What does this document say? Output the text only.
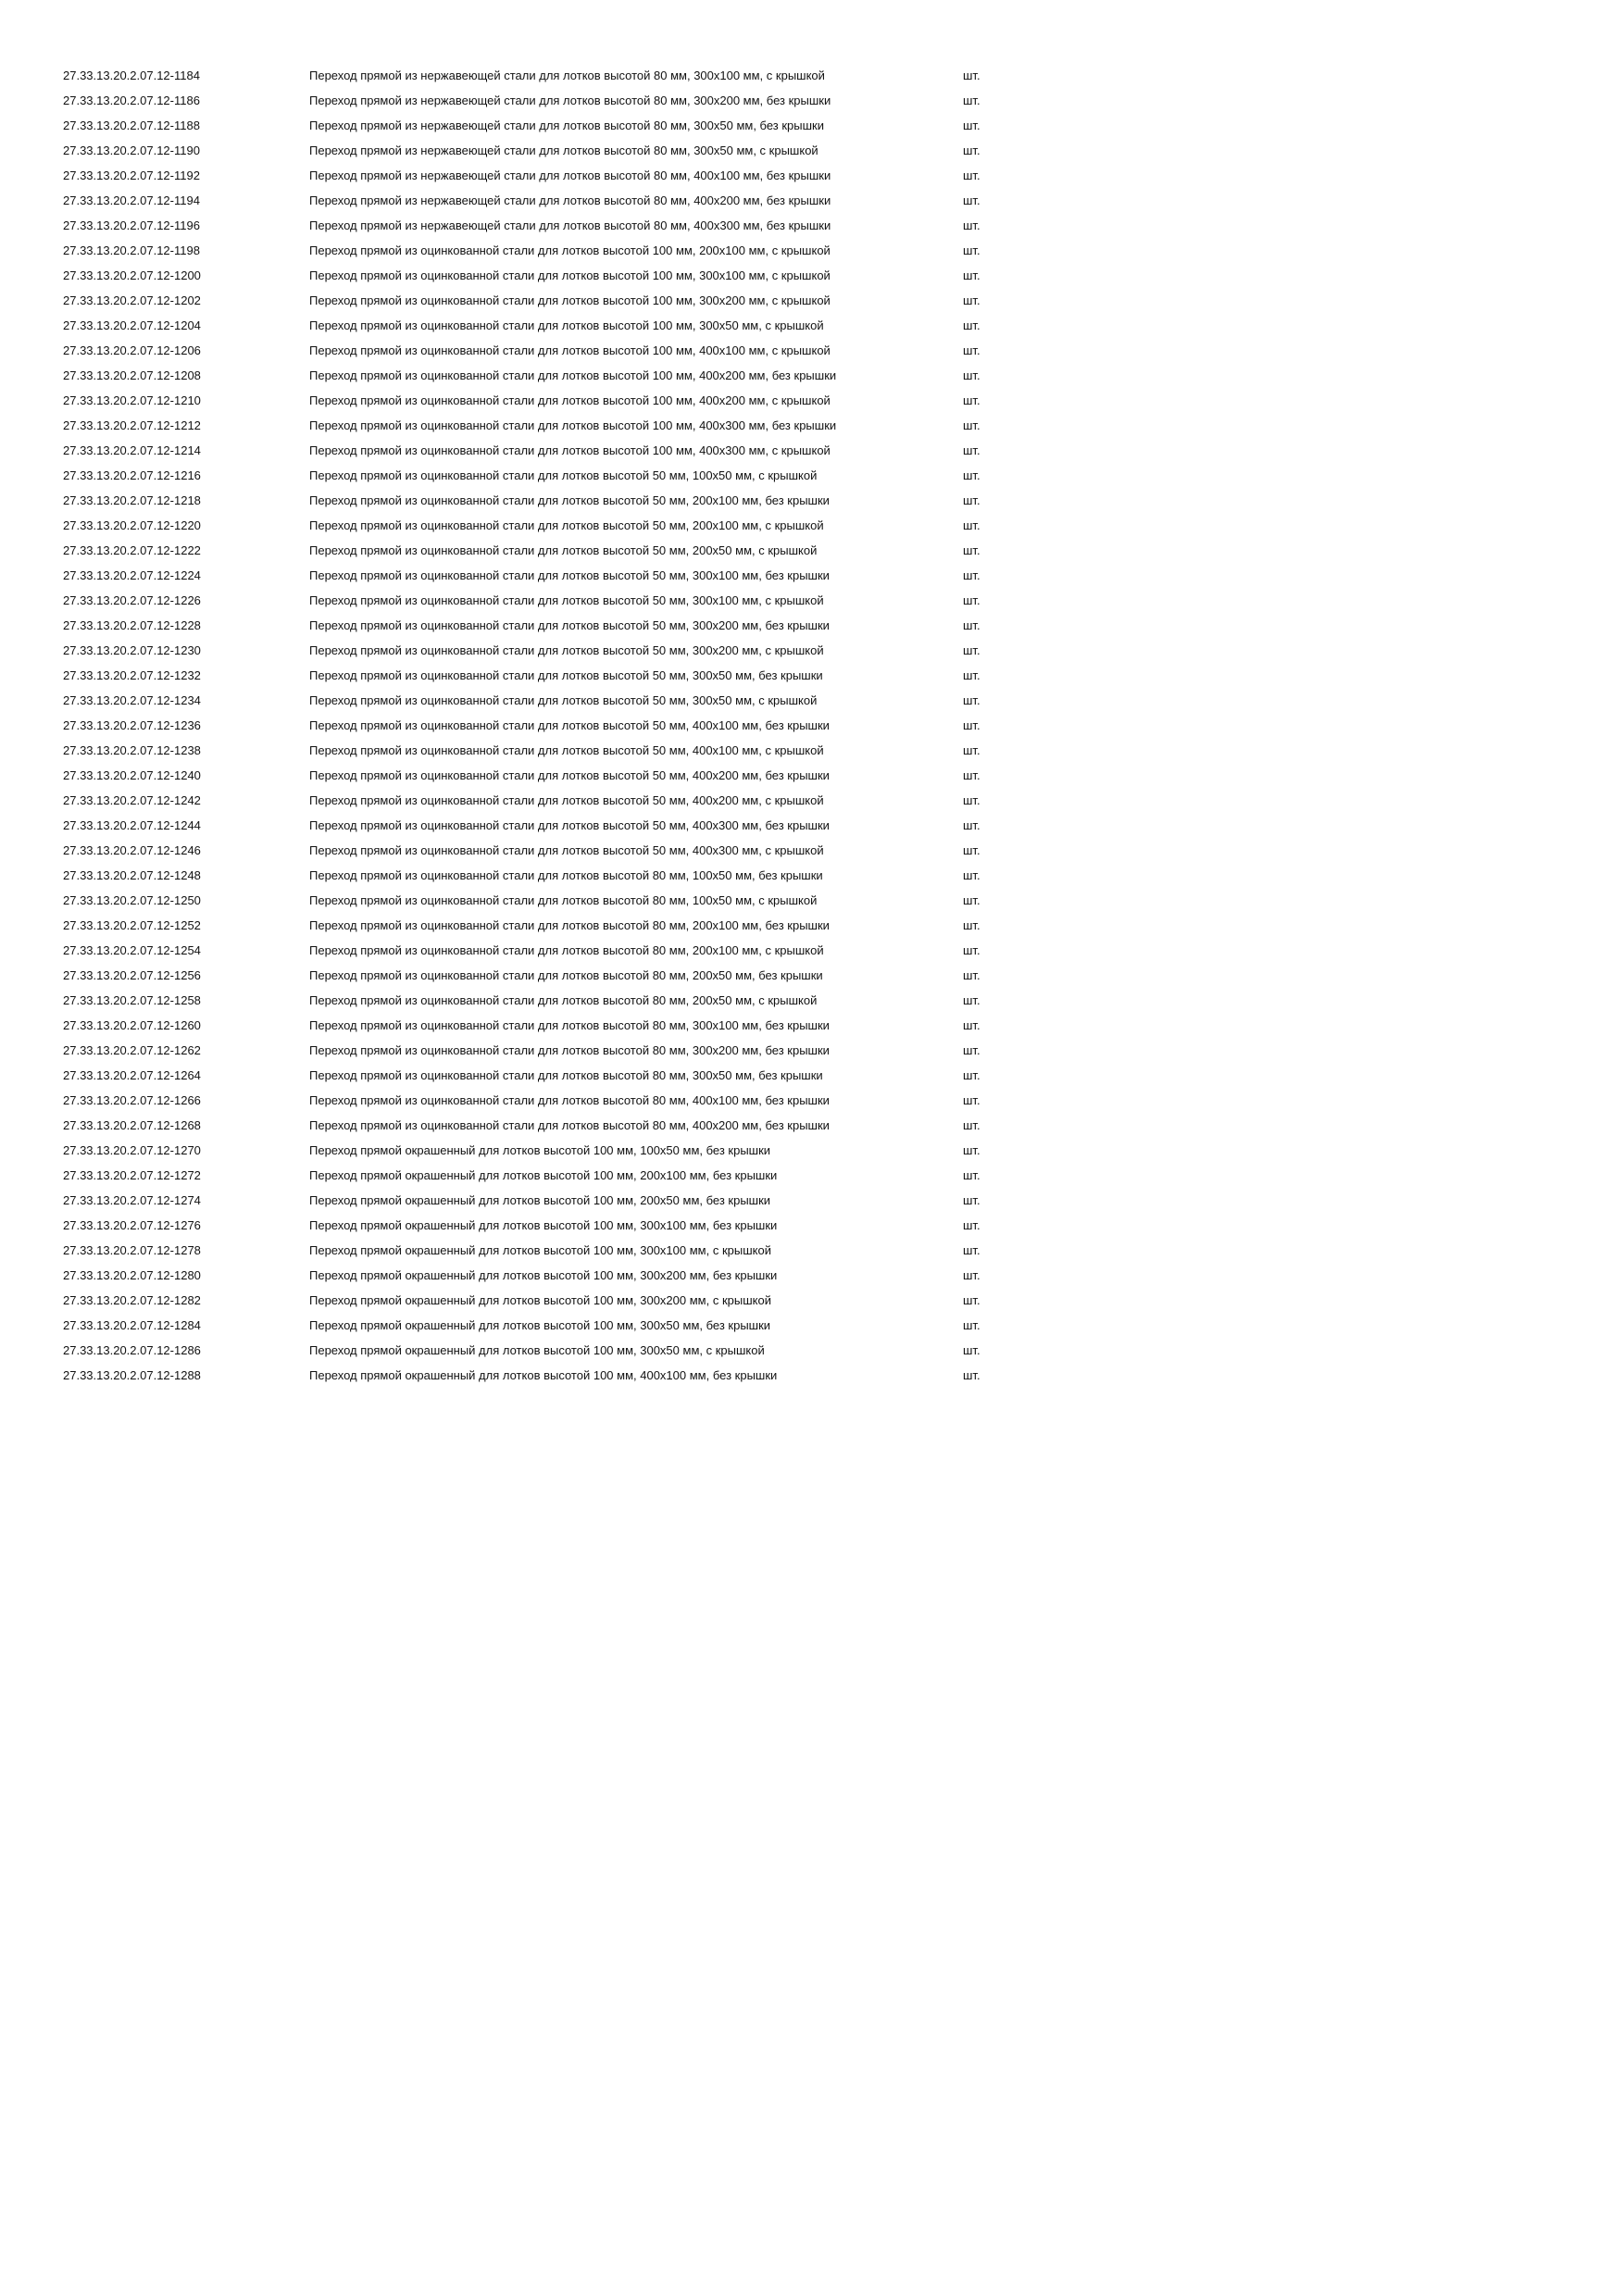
27.33.13.20.2.07.12-1184	Переход прямой из нержавеющей стали для лотков высотой 80 мм, 300x100 мм, с крышкой	шт.
27.33.13.20.2.07.12-1186	Переход прямой из нержавеющей стали для лотков высотой 80 мм, 300x200 мм, без крышки	шт.
27.33.13.20.2.07.12-1188	Переход прямой из нержавеющей стали для лотков высотой 80 мм, 300x50 мм, без крышки	шт.
27.33.13.20.2.07.12-1190	Переход прямой из нержавеющей стали для лотков высотой 80 мм, 300x50 мм, с крышкой	шт.
27.33.13.20.2.07.12-1192	Переход прямой из нержавеющей стали для лотков высотой 80 мм, 400x100 мм, без крышки	шт.
27.33.13.20.2.07.12-1194	Переход прямой из нержавеющей стали для лотков высотой 80 мм, 400x200 мм, без крышки	шт.
27.33.13.20.2.07.12-1196	Переход прямой из нержавеющей стали для лотков высотой 80 мм, 400x300 мм, без крышки	шт.
27.33.13.20.2.07.12-1198	Переход прямой из оцинкованной стали для лотков высотой 100 мм, 200x100 мм, с крышкой	шт.
27.33.13.20.2.07.12-1200	Переход прямой из оцинкованной стали для лотков высотой 100 мм, 300x100 мм, с крышкой	шт.
27.33.13.20.2.07.12-1202	Переход прямой из оцинкованной стали для лотков высотой 100 мм, 300x200 мм, с крышкой	шт.
27.33.13.20.2.07.12-1204	Переход прямой из оцинкованной стали для лотков высотой 100 мм, 300x50 мм, с крышкой	шт.
27.33.13.20.2.07.12-1206	Переход прямой из оцинкованной стали для лотков высотой 100 мм, 400x100 мм, с крышкой	шт.
27.33.13.20.2.07.12-1208	Переход прямой из оцинкованной стали для лотков высотой 100 мм, 400x200 мм, без крышки	шт.
27.33.13.20.2.07.12-1210	Переход прямой из оцинкованной стали для лотков высотой 100 мм, 400x200 мм, с крышкой	шт.
27.33.13.20.2.07.12-1212	Переход прямой из оцинкованной стали для лотков высотой 100 мм, 400x300 мм, без крышки	шт.
27.33.13.20.2.07.12-1214	Переход прямой из оцинкованной стали для лотков высотой 100 мм, 400x300 мм, с крышкой	шт.
27.33.13.20.2.07.12-1216	Переход прямой из оцинкованной стали для лотков высотой 50 мм, 100x50 мм, с крышкой	шт.
27.33.13.20.2.07.12-1218	Переход прямой из оцинкованной стали для лотков высотой 50 мм, 200x100 мм, без крышки	шт.
27.33.13.20.2.07.12-1220	Переход прямой из оцинкованной стали для лотков высотой 50 мм, 200x100 мм, с крышкой	шт.
27.33.13.20.2.07.12-1222	Переход прямой из оцинкованной стали для лотков высотой 50 мм, 200x50 мм, с крышкой	шт.
27.33.13.20.2.07.12-1224	Переход прямой из оцинкованной стали для лотков высотой 50 мм, 300x100 мм, без крышки	шт.
27.33.13.20.2.07.12-1226	Переход прямой из оцинкованной стали для лотков высотой 50 мм, 300x100 мм, с крышкой	шт.
27.33.13.20.2.07.12-1228	Переход прямой из оцинкованной стали для лотков высотой 50 мм, 300x200 мм, без крышки	шт.
27.33.13.20.2.07.12-1230	Переход прямой из оцинкованной стали для лотков высотой 50 мм, 300x200 мм, с крышкой	шт.
27.33.13.20.2.07.12-1232	Переход прямой из оцинкованной стали для лотков высотой 50 мм, 300x50 мм, без крышки	шт.
27.33.13.20.2.07.12-1234	Переход прямой из оцинкованной стали для лотков высотой 50 мм, 300x50 мм, с крышкой	шт.
27.33.13.20.2.07.12-1236	Переход прямой из оцинкованной стали для лотков высотой 50 мм, 400x100 мм, без крышки	шт.
27.33.13.20.2.07.12-1238	Переход прямой из оцинкованной стали для лотков высотой 50 мм, 400x100 мм, с крышкой	шт.
27.33.13.20.2.07.12-1240	Переход прямой из оцинкованной стали для лотков высотой 50 мм, 400x200 мм, без крышки	шт.
27.33.13.20.2.07.12-1242	Переход прямой из оцинкованной стали для лотков высотой 50 мм, 400x200 мм, с крышкой	шт.
27.33.13.20.2.07.12-1244	Переход прямой из оцинкованной стали для лотков высотой 50 мм, 400x300 мм, без крышки	шт.
27.33.13.20.2.07.12-1246	Переход прямой из оцинкованной стали для лотков высотой 50 мм, 400x300 мм, с крышкой	шт.
27.33.13.20.2.07.12-1248	Переход прямой из оцинкованной стали для лотков высотой 80 мм, 100x50 мм, без крышки	шт.
27.33.13.20.2.07.12-1250	Переход прямой из оцинкованной стали для лотков высотой 80 мм, 100x50 мм, с крышкой	шт.
27.33.13.20.2.07.12-1252	Переход прямой из оцинкованной стали для лотков высотой 80 мм, 200x100 мм, без крышки	шт.
27.33.13.20.2.07.12-1254	Переход прямой из оцинкованной стали для лотков высотой 80 мм, 200x100 мм, с крышкой	шт.
27.33.13.20.2.07.12-1256	Переход прямой из оцинкованной стали для лотков высотой 80 мм, 200x50 мм, без крышки	шт.
27.33.13.20.2.07.12-1258	Переход прямой из оцинкованной стали для лотков высотой 80 мм, 200x50 мм, с крышкой	шт.
27.33.13.20.2.07.12-1260	Переход прямой из оцинкованной стали для лотков высотой 80 мм, 300x100 мм, без крышки	шт.
27.33.13.20.2.07.12-1262	Переход прямой из оцинкованной стали для лотков высотой 80 мм, 300x200 мм, без крышки	шт.
27.33.13.20.2.07.12-1264	Переход прямой из оцинкованной стали для лотков высотой 80 мм, 300x50 мм, без крышки	шт.
27.33.13.20.2.07.12-1266	Переход прямой из оцинкованной стали для лотков высотой 80 мм, 400x100 мм, без крышки	шт.
27.33.13.20.2.07.12-1268	Переход прямой из оцинкованной стали для лотков высотой 80 мм, 400x200 мм, без крышки	шт.
27.33.13.20.2.07.12-1270	Переход прямой окрашенный для лотков высотой 100 мм, 100x50 мм, без крышки	шт.
27.33.13.20.2.07.12-1272	Переход прямой окрашенный для лотков высотой 100 мм, 200x100 мм, без крышки	шт.
27.33.13.20.2.07.12-1274	Переход прямой окрашенный для лотков высотой 100 мм, 200x50 мм, без крышки	шт.
27.33.13.20.2.07.12-1276	Переход прямой окрашенный для лотков высотой 100 мм, 300x100 мм, без крышки	шт.
27.33.13.20.2.07.12-1278	Переход прямой окрашенный для лотков высотой 100 мм, 300x100 мм, с крышкой	шт.
27.33.13.20.2.07.12-1280	Переход прямой окрашенный для лотков высотой 100 мм, 300x200 мм, без крышки	шт.
27.33.13.20.2.07.12-1282	Переход прямой окрашенный для лотков высотой 100 мм, 300x200 мм, с крышкой	шт.
27.33.13.20.2.07.12-1284	Переход прямой окрашенный для лотков высотой 100 мм, 300x50 мм, без крышки	шт.
27.33.13.20.2.07.12-1286	Переход прямой окрашенный для лотков высотой 100 мм, 300x50 мм, с крышкой	шт.
27.33.13.20.2.07.12-1288	Переход прямой окрашенный для лотков высотой 100 мм, 400x100 мм, без крышки	шт.
